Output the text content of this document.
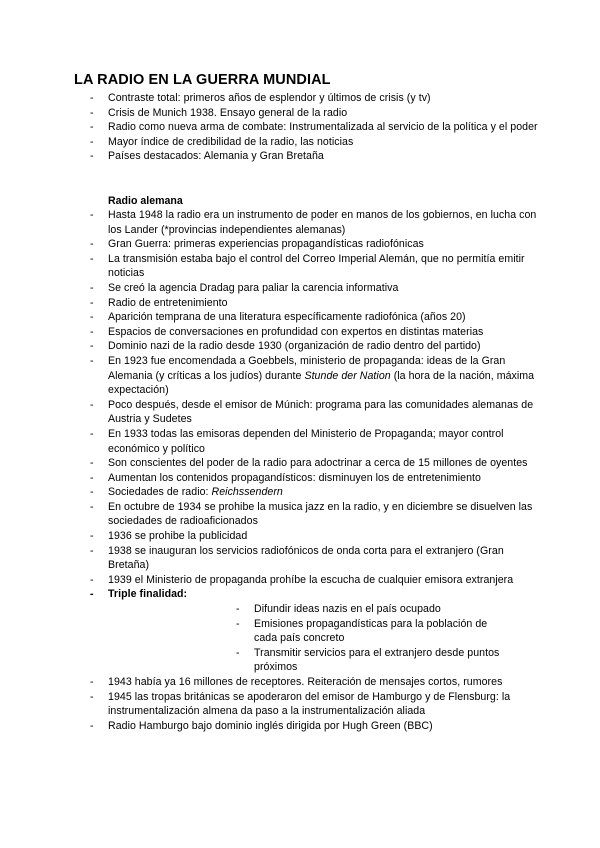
LA RADIO EN LA GUERRA MUNDIAL
- Contraste total: primeros años de esplendor y últimos de crisis (y tv)
- Crisis de Munich 1938. Ensayo general de la radio
- Radio como nueva arma de combate: Instrumentalizada al servicio de la política y el poder
- Mayor índice de credibilidad de la radio, las noticias
- Países destacados: Alemania y Gran Bretaña
Radio alemana
- Hasta 1948 la radio era un instrumento de poder en manos de los gobiernos, en lucha con los Lander (*provincias independientes alemanas)
- Gran Guerra: primeras experiencias propagandísticas radiofónicas
- La transmisión estaba bajo el control del Correo Imperial Alemán, que no permitía emitir noticias
- Se creó la agencia Dradag para paliar la carencia informativa
- Radio de entretenimiento
- Aparición temprana de una literatura específicamente radiofónica (años 20)
- Espacios de conversaciones en profundidad con expertos en distintas materias
- Dominio nazi de la radio desde 1930 (organización de radio dentro del partido)
- En 1923 fue encomendada a Goebbels, ministerio de propaganda: ideas de la Gran Alemania (y críticas a los judíos) durante Stunde der Nation (la hora de la nación, máxima expectación)
- Poco después, desde el emisor de Múnich: programa para las comunidades alemanas de Austria y Sudetes
- En 1933 todas las emisoras dependen del Ministerio de Propaganda; mayor control económico y político
- Son conscientes del poder de la radio para adoctrinar a cerca de 15 millones de oyentes
- Aumentan los contenidos propagandísticos: disminuyen los de entretenimiento
- Sociedades de radio: Reichssendern
- En octubre de 1934 se prohibe la musica jazz en la radio, y en diciembre se disuelven las sociedades de radioaficionados
- 1936 se prohibe la publicidad
- 1938 se inauguran los servicios radiofónicos de onda corta para el extranjero (Gran Bretaña)
- 1939 el Ministerio de propaganda prohíbe la escucha de cualquier emisora extranjera
- Triple finalidad:
- Difundir ideas nazis en el país ocupado
- Emisiones propagandísticas para la población de cada país concreto
- Transmitir servicios para el extranjero desde puntos próximos
- 1943 había ya 16 millones de receptores. Reiteración de mensajes cortos, rumores
- 1945 las tropas británicas se apoderaron del emisor de Hamburgo y de Flensburg: la instrumentalización almena da paso a la instrumentalización aliada
- Radio Hamburgo bajo dominio inglés dirigida por Hugh Green (BBC)
